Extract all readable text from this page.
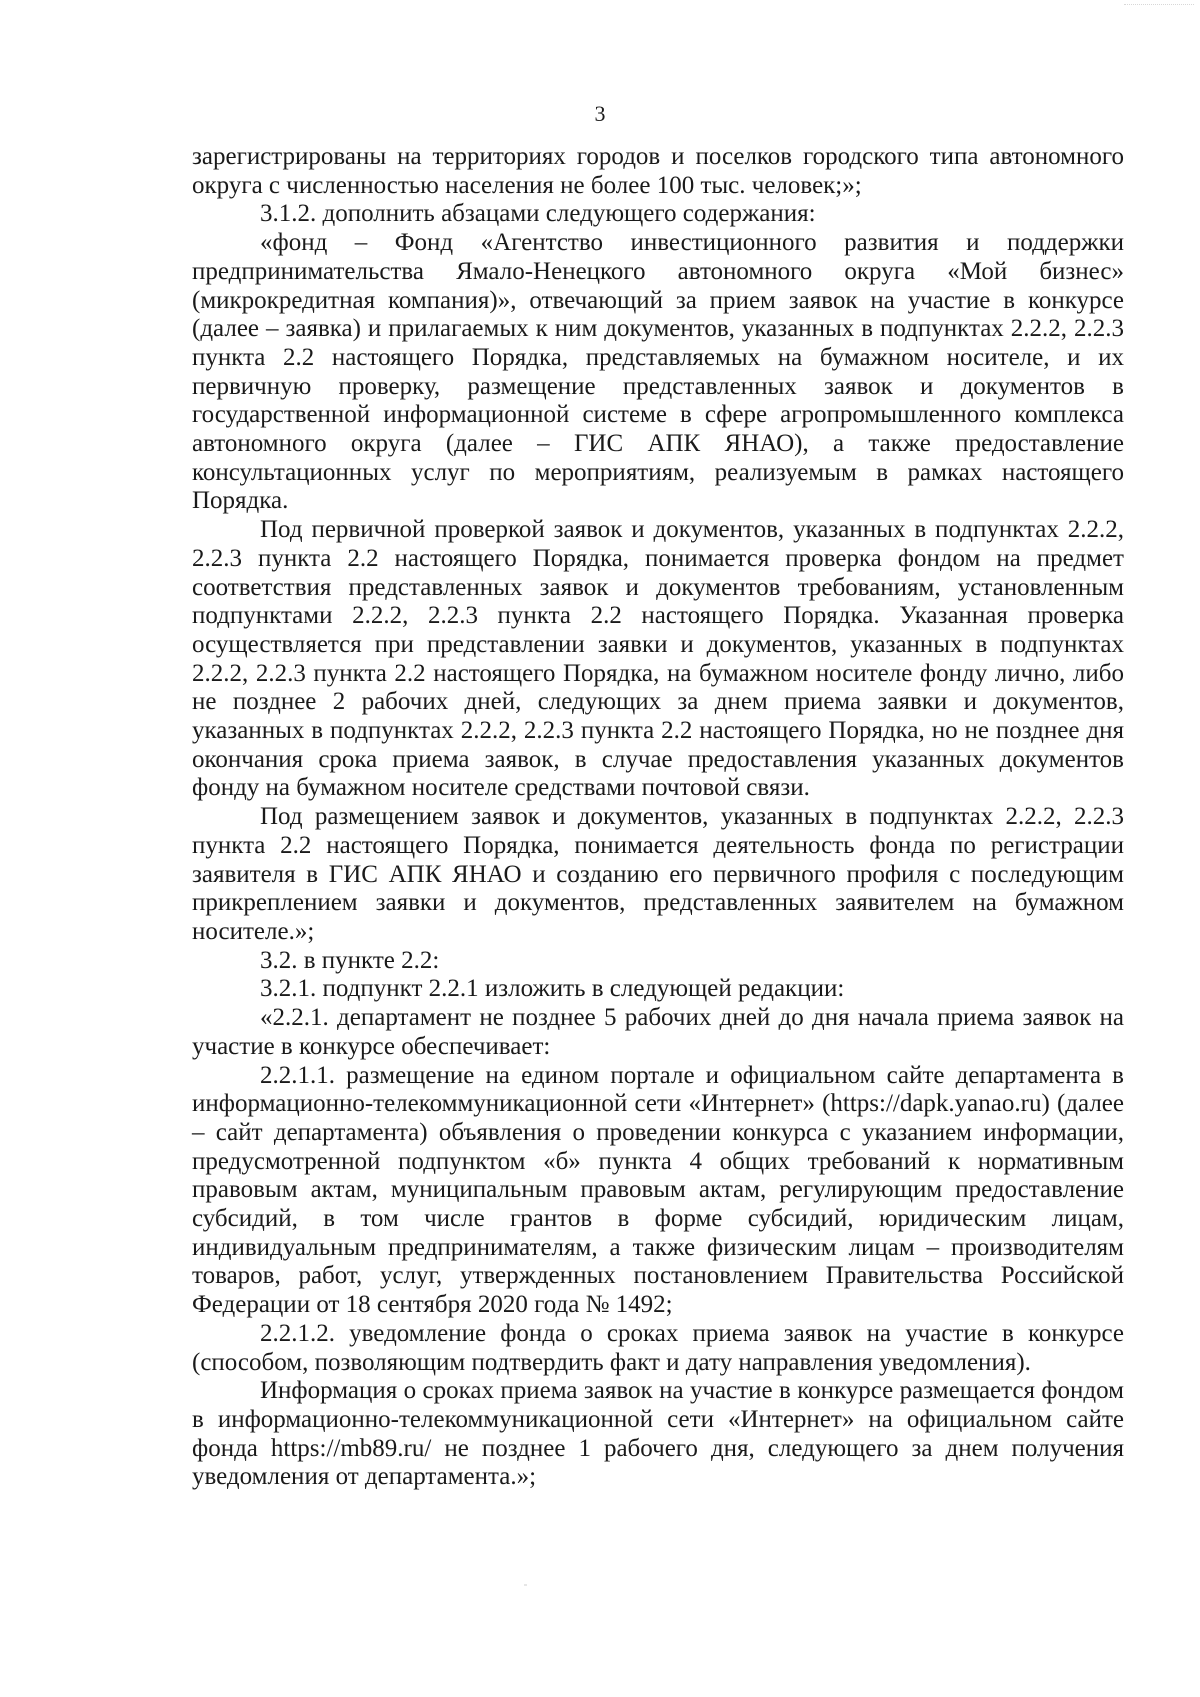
3

зарегистрированы на территориях городов и поселков городского типа автономного округа с численностью населения не более 100 тыс. человек;»;

3.1.2. дополнить абзацами следующего содержания:

«фонд – Фонд «Агентство инвестиционного развития и поддержки предпринимательства Ямало-Ненецкого автономного округа «Мой бизнес» (микрокредитная компания)», отвечающий за прием заявок на участие в конкурсе (далее – заявка) и прилагаемых к ним документов, указанных в подпунктах 2.2.2, 2.2.3 пункта 2.2 настоящего Порядка, представляемых на бумажном носителе, и их первичную проверку, размещение представленных заявок и документов в государственной информационной системе в сфере агропромышленного комплекса автономного округа (далее – ГИС АПК ЯНАО), а также предоставление консультационных услуг по мероприятиям, реализуемым в рамках настоящего Порядка.

Под первичной проверкой заявок и документов, указанных в подпунктах 2.2.2, 2.2.3 пункта 2.2 настоящего Порядка, понимается проверка фондом на предмет соответствия представленных заявок и документов требованиям, установленным подпунктами 2.2.2, 2.2.3 пункта 2.2 настоящего Порядка. Указанная проверка осуществляется при представлении заявки и документов, указанных в подпунктах 2.2.2, 2.2.3 пункта 2.2 настоящего Порядка, на бумажном носителе фонду лично, либо не позднее 2 рабочих дней, следующих за днем приема заявки и документов, указанных в подпунктах 2.2.2, 2.2.3 пункта 2.2 настоящего Порядка, но не позднее дня окончания срока приема заявок, в случае предоставления указанных документов фонду на бумажном носителе средствами почтовой связи.

Под размещением заявок и документов, указанных в подпунктах 2.2.2, 2.2.3 пункта 2.2 настоящего Порядка, понимается деятельность фонда по регистрации заявителя в ГИС АПК ЯНАО и созданию его первичного профиля с последующим прикреплением заявки и документов, представленных заявителем на бумажном носителе.»;

3.2. в пункте 2.2:

3.2.1. подпункт 2.2.1 изложить в следующей редакции:

«2.2.1. департамент не позднее 5 рабочих дней до дня начала приема заявок на участие в конкурсе обеспечивает:

2.2.1.1. размещение на едином портале и официальном сайте департамента в информационно-телекоммуникационной сети «Интернет» (https://dapk.yanao.ru) (далее – сайт департамента) объявления о проведении конкурса с указанием информации, предусмотренной подпунктом «б» пункта 4 общих требований к нормативным правовым актам, муниципальным правовым актам, регулирующим предоставление субсидий, в том числе грантов в форме субсидий, юридическим лицам, индивидуальным предпринимателям, а также физическим лицам – производителям товаров, работ, услуг, утвержденных постановлением Правительства Российской Федерации от 18 сентября 2020 года № 1492;

2.2.1.2. уведомление фонда о сроках приема заявок на участие в конкурсе (способом, позволяющим подтвердить факт и дату направления уведомления).

Информация о сроках приема заявок на участие в конкурсе размещается фондом в информационно-телекоммуникационной сети «Интернет» на официальном сайте фонда https://mb89.ru/ не позднее 1 рабочего дня, следующего за днем получения уведомления от департамента.»;
